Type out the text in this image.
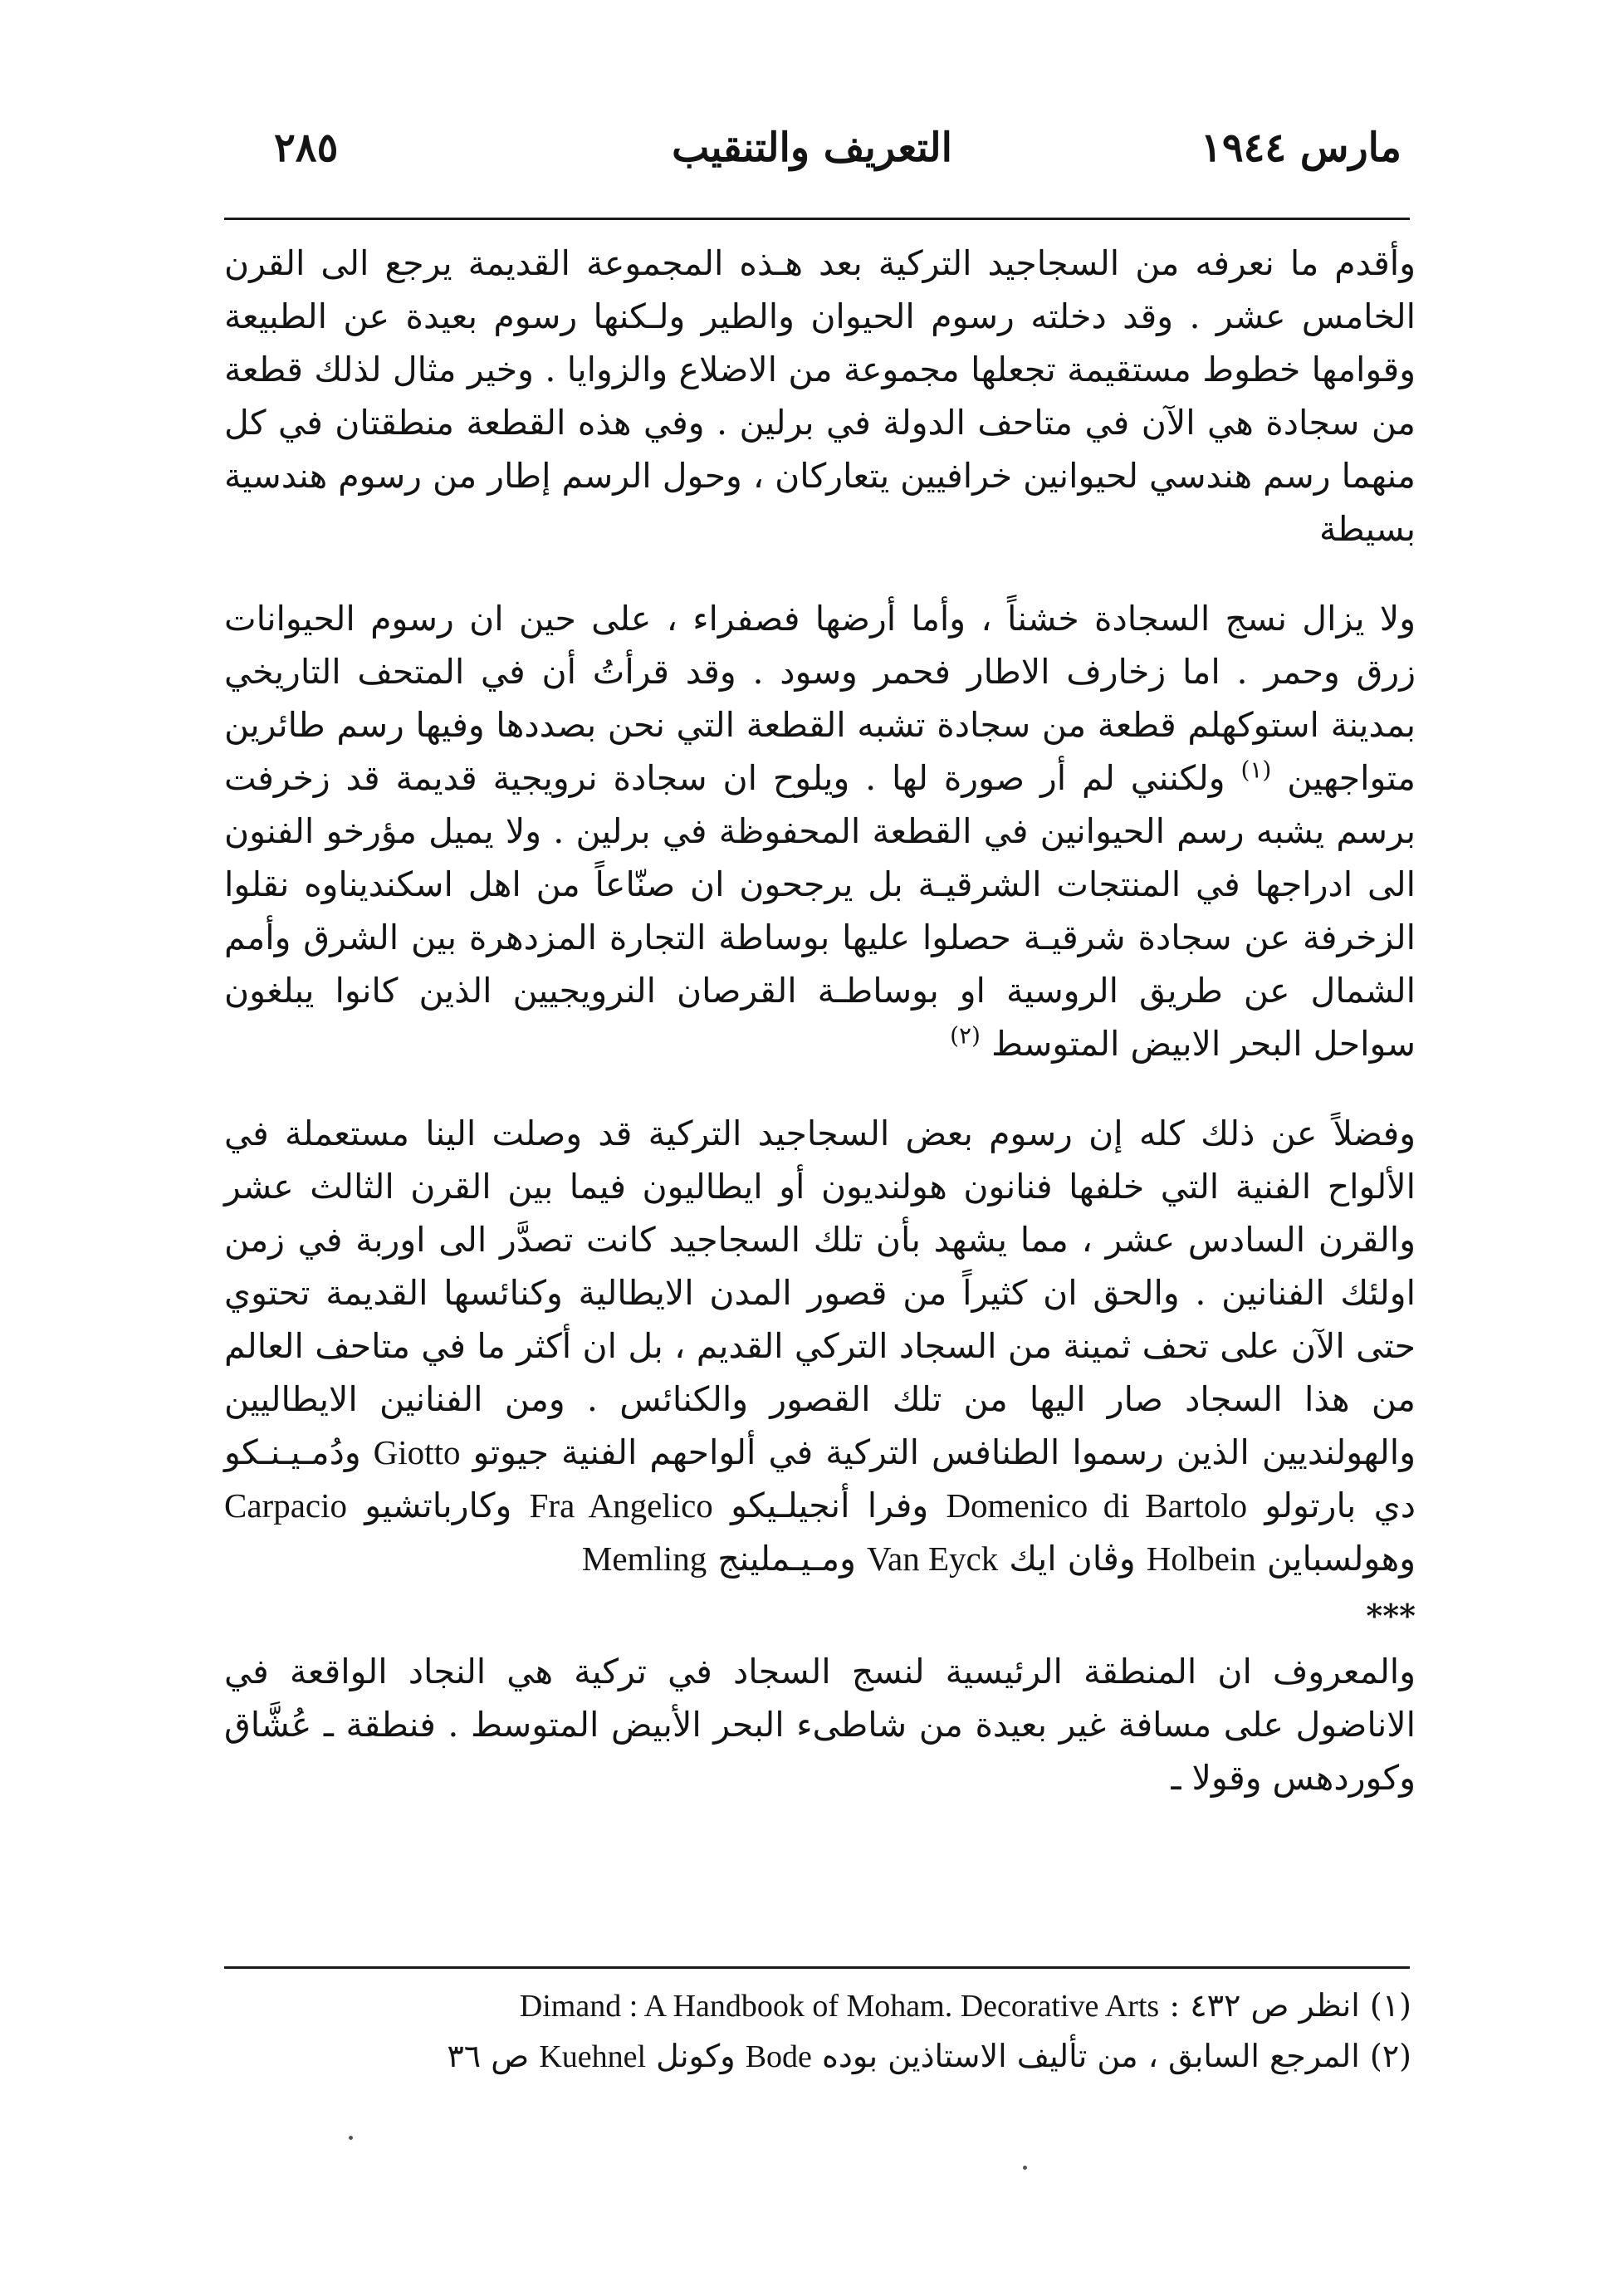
مارس ١٩٤٤
التعريف والتنقيب
٢٨٥

وأقدم ما نعرفه من السجاجيد التركية بعد هـذه المجموعة القديمة يرجع الى القرن الخامس عشر . وقد دخلته رسوم الحيوان والطير ولـكنها رسوم بعيدة عن الطبيعة وقوامها خطوط مستقيمة تجعلها مجموعة من الاضلاع والزوايا . وخير مثال لذلك قطعة من سجادة هي الآن في متاحف الدولة في برلين . وفي هذه القطعة منطقتان في كل منهما رسم هندسي لحيوانين خرافيين يتعاركان ، وحول الرسم إطار من رسوم هندسية بسيطة

ولا يزال نسج السجادة خشناً ، وأما أرضها فصفراء ، على حين ان رسوم الحيوانات زرق وحمر . اما زخارف الاطار فحمر وسود . وقد قرأتُ أن في المتحف التاريخي بمدينة استوكهلم قطعة من سجادة تشبه القطعة التي نحن بصددها وفيها رسم طائرين متواجهين $^{(١)}$ ولكنني لم أر صورة لها . ويلوح ان سجادة نرويجية قديمة قد زخرفت برسم يشبه رسم الحيوانين في القطعة المحفوظة في برلين . ولا يميل مؤرخو الفنون الى ادراجها في المنتجات الشرقيـة بل يرجحون ان صنّاعاً من اهل اسكنديناوه نقلوا الزخرفة عن سجادة شرقيـة حصلوا عليها بوساطة التجارة المزدهرة بين الشرق وأمم الشمال عن طريق الروسية او بوساطـة القرصان النرويجيين الذين كانوا يبلغون سواحل البحر الابيض المتوسط $^{(٢)}$

وفضلاً عن ذلك كله إن رسوم بعض السجاجيد التركية قد وصلت الينا مستعملة في الألواح الفنية التي خلفها فنانون هولنديون أو ايطاليون فيما بين القرن الثالث عشر والقرن السادس عشر ، مما يشهد بأن تلك السجاجيد كانت تصدَّر الى اوربة في زمن اولئك الفنانين . والحق ان كثيراً من قصور المدن الايطالية وكنائسها القديمة تحتوي حتى الآن على تحف ثمينة من السجاد التركي القديم ، بل ان أكثر ما في متاحف العالم من هذا السجاد صار اليها من تلك القصور والكنائس . ومن الفنانين الايطاليين والهولنديين الذين رسموا الطنافس التركية في ألواحهم الفنية جيوتو Giotto ودُمـيـنـكو دي بارتولو Domenico di Bartolo وفرا أنجيلـيكو Fra Angelico وكارباتشيو Carpacio وهولسباين Holbein وڤان ايك Van Eyck ومـيـملينج Memling

***

والمعروف ان المنطقة الرئيسية لنسج السجاد في تركية هي النجاد الواقعة في الاناضول على مسافة غير بعيدة من شاطىء البحر الأبيض المتوسط . فنطقة ـ عُشَّاق وكوردهس وقولا ـ

(١) انظر ص ٤٣٢ : Dimand : A Handbook of Moham. Decorative Arts
(٢) المرجع السابق ، من تأليف الاستاذين بوده Bode وكونل Kuehnel ص ٣٦
